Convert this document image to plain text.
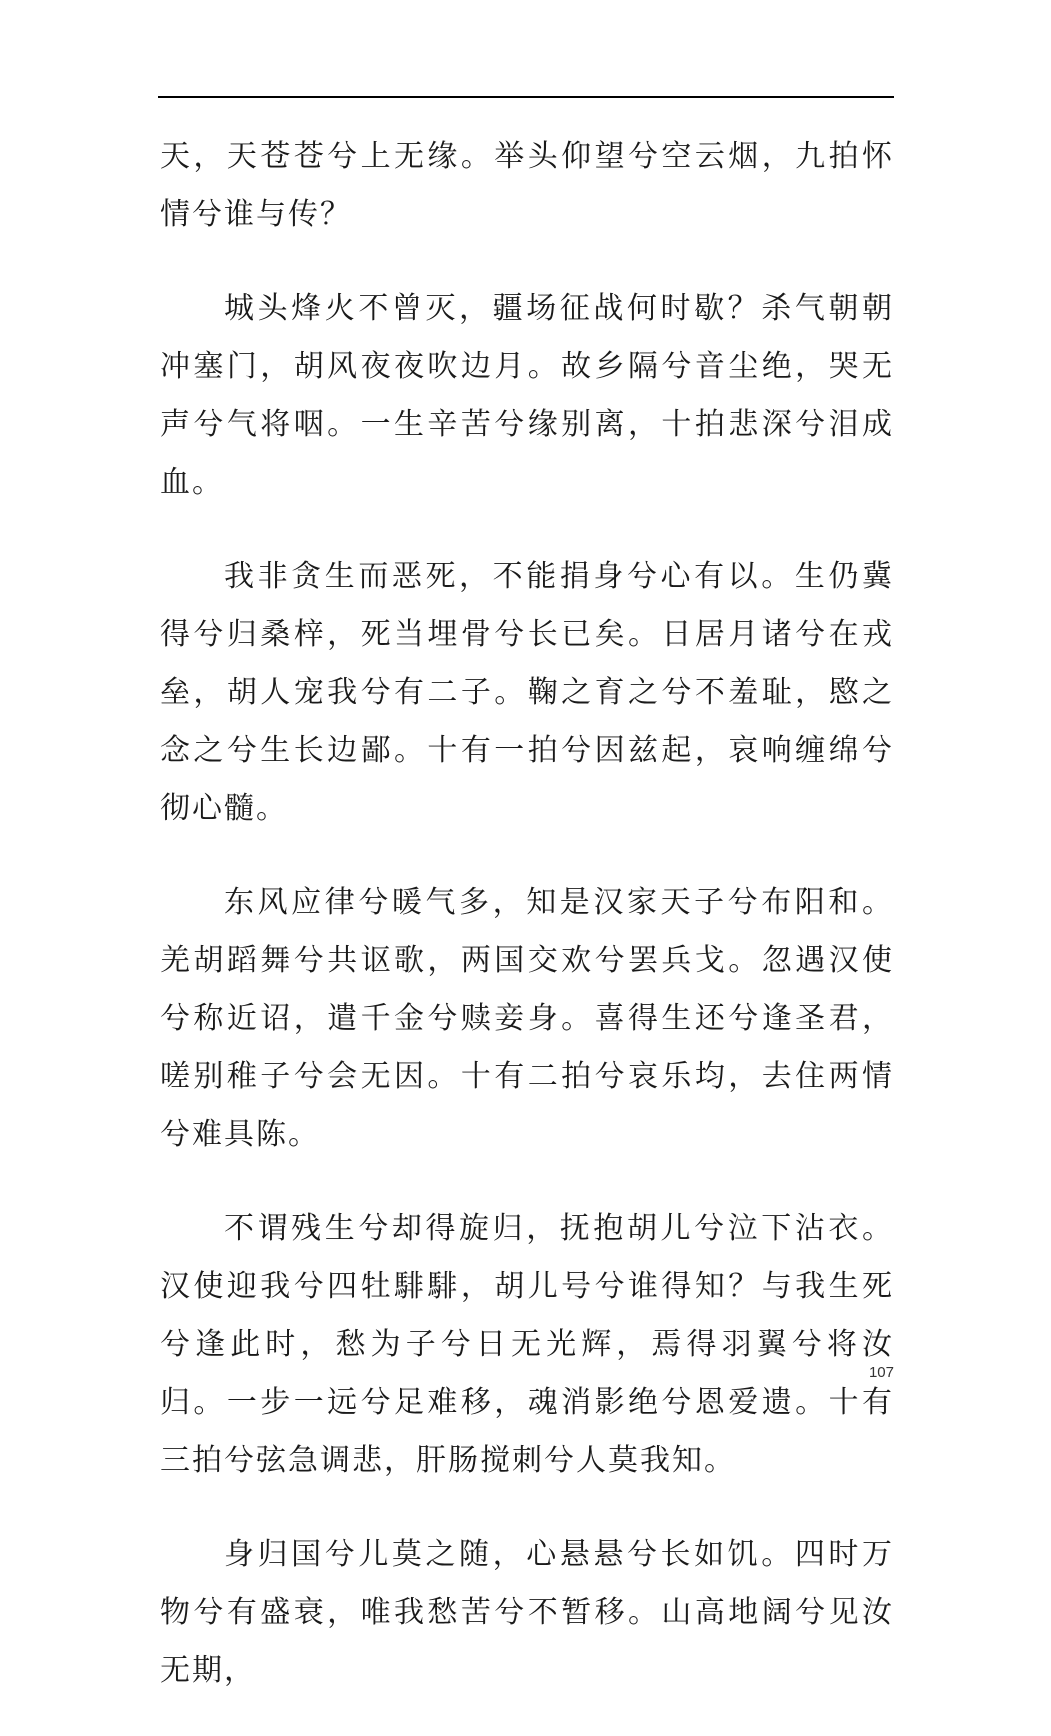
天，天苍苍兮上无缘。举头仰望兮空云烟，九拍怀情兮谁与传？

城头烽火不曾灭，疆场征战何时歇？杀气朝朝冲塞门，胡风夜夜吹边月。故乡隔兮音尘绝，哭无声兮气将咽。一生辛苦兮缘别离，十拍悲深兮泪成血。

我非贪生而恶死，不能捐身兮心有以。生仍冀得兮归桑梓，死当埋骨兮长已矣。日居月诸兮在戎垒，胡人宠我兮有二子。鞠之育之兮不羞耻，愍之念之兮生长边鄙。十有一拍兮因兹起，哀响缠绵兮彻心髓。

东风应律兮暖气多，知是汉家天子兮布阳和。羌胡蹈舞兮共讴歌，两国交欢兮罢兵戈。忽遇汉使兮称近诏，遣千金兮赎妾身。喜得生还兮逢圣君，嗟别稚子兮会无因。十有二拍兮哀乐均，去住两情兮难具陈。

不谓残生兮却得旋归，抚抱胡儿兮泣下沾衣。汉使迎我兮四牡騑騑，胡儿号兮谁得知？与我生死兮逢此时，愁为子兮日无光辉，焉得羽翼兮将汝归。一步一远兮足难移，魂消影绝兮恩爱遗。十有三拍兮弦急调悲，肝肠搅刺兮人莫我知。

身归国兮儿莫之随，心悬悬兮长如饥。四时万物兮有盛衰，唯我愁苦兮不暂移。山高地阔兮见汝无期，

107
